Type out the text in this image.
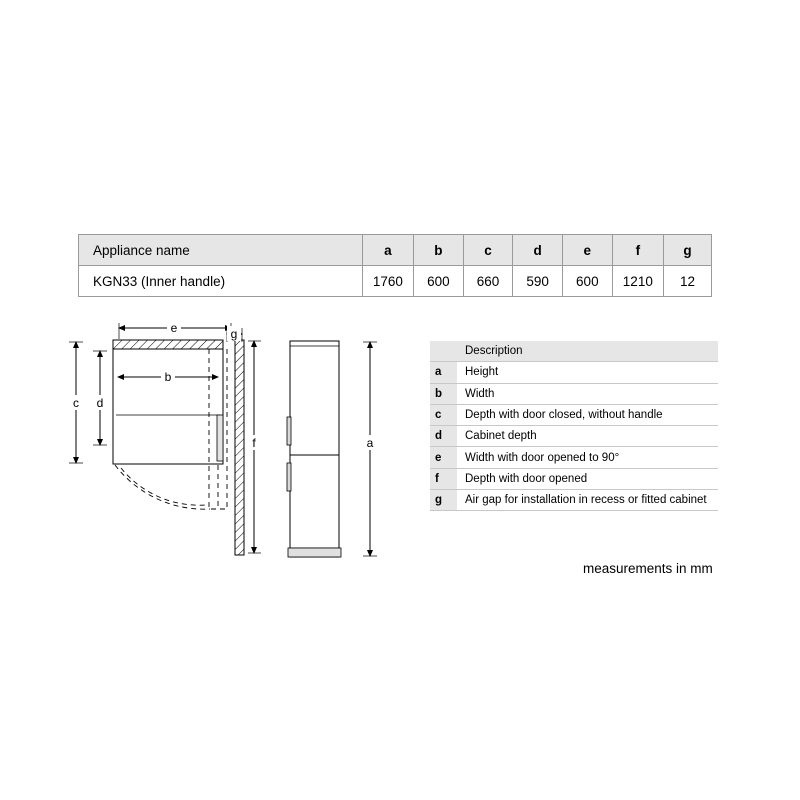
Appliance name	a	b	c	d	e	f	g
KGN33 (Inner handle)	1760	600	660	590	600	1210	12
	Description
a	Height
b	Width
c	Depth with door closed, without handle
d	Cabinet depth
e	Width with door opened to 90°
f	Depth with door opened
g	Air gap for installation in recess or fitted cabinet
measurements in mm
e	g
b
c d
f	a
